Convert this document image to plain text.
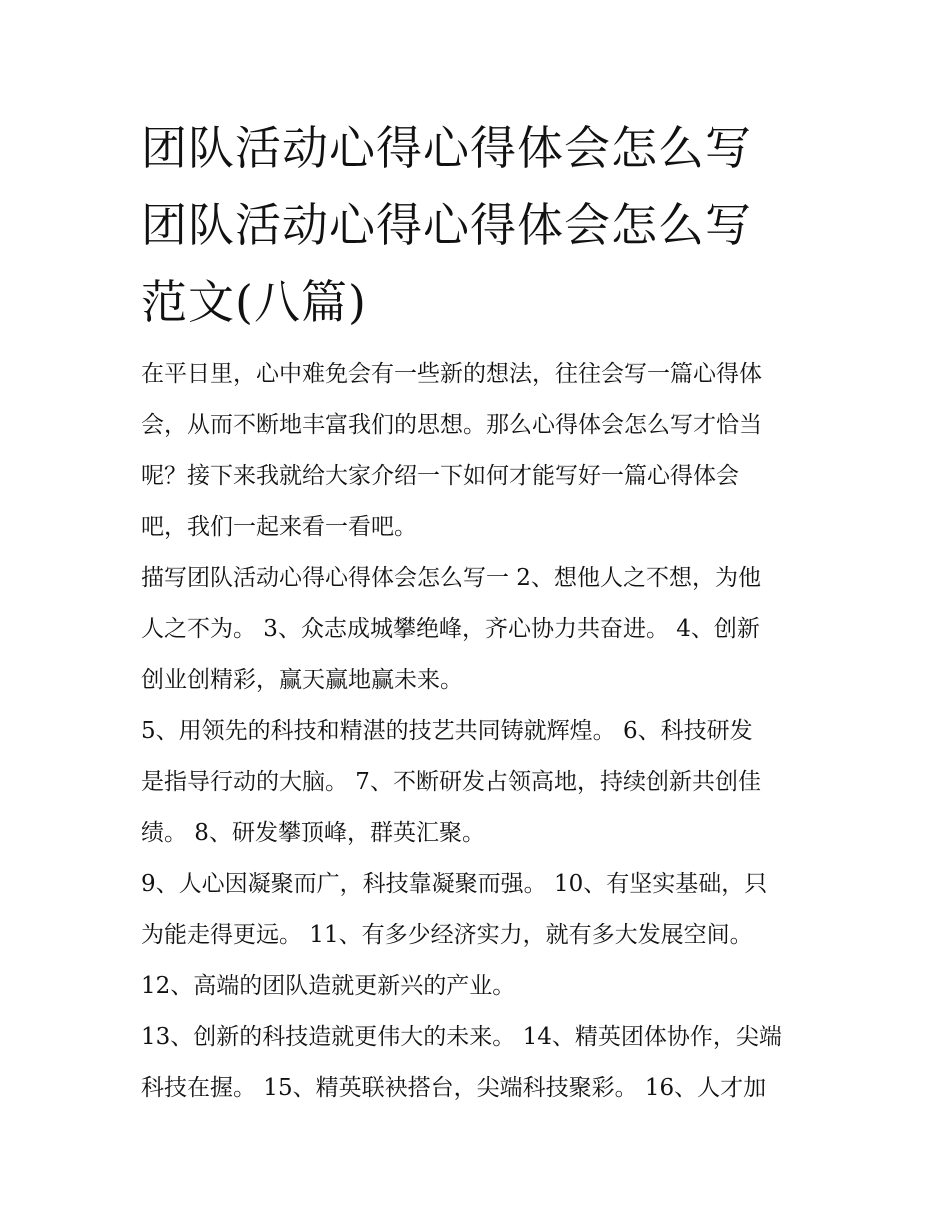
团队活动心得心得体会怎么写
团队活动心得心得体会怎么写
范文(八篇)

在平日里，心中难免会有一些新的想法，往往会写一篇心得体
会，从而不断地丰富我们的思想。那么心得体会怎么写才恰当
呢？接下来我就给大家介绍一下如何才能写好一篇心得体会
吧，我们一起来看一看吧。

描写团队活动心得心得体会怎么写一 2、想他人之不想，为他
人之不为。 3、众志成城攀绝峰，齐心协力共奋进。 4、创新
创业创精彩，赢天赢地赢未来。

5、用领先的科技和精湛的技艺共同铸就辉煌。 6、科技研发
是指导行动的大脑。 7、不断研发占领高地，持续创新共创佳
绩。 8、研发攀顶峰，群英汇聚。

9、人心因凝聚而广，科技靠凝聚而强。 10、有坚实基础，只
为能走得更远。 11、有多少经济实力，就有多大发展空间。

12、高端的团队造就更新兴的产业。

13、创新的科技造就更伟大的未来。 14、精英团体协作，尖端
科技在握。 15、精英联袂搭台，尖端科技聚彩。 16、人才加
